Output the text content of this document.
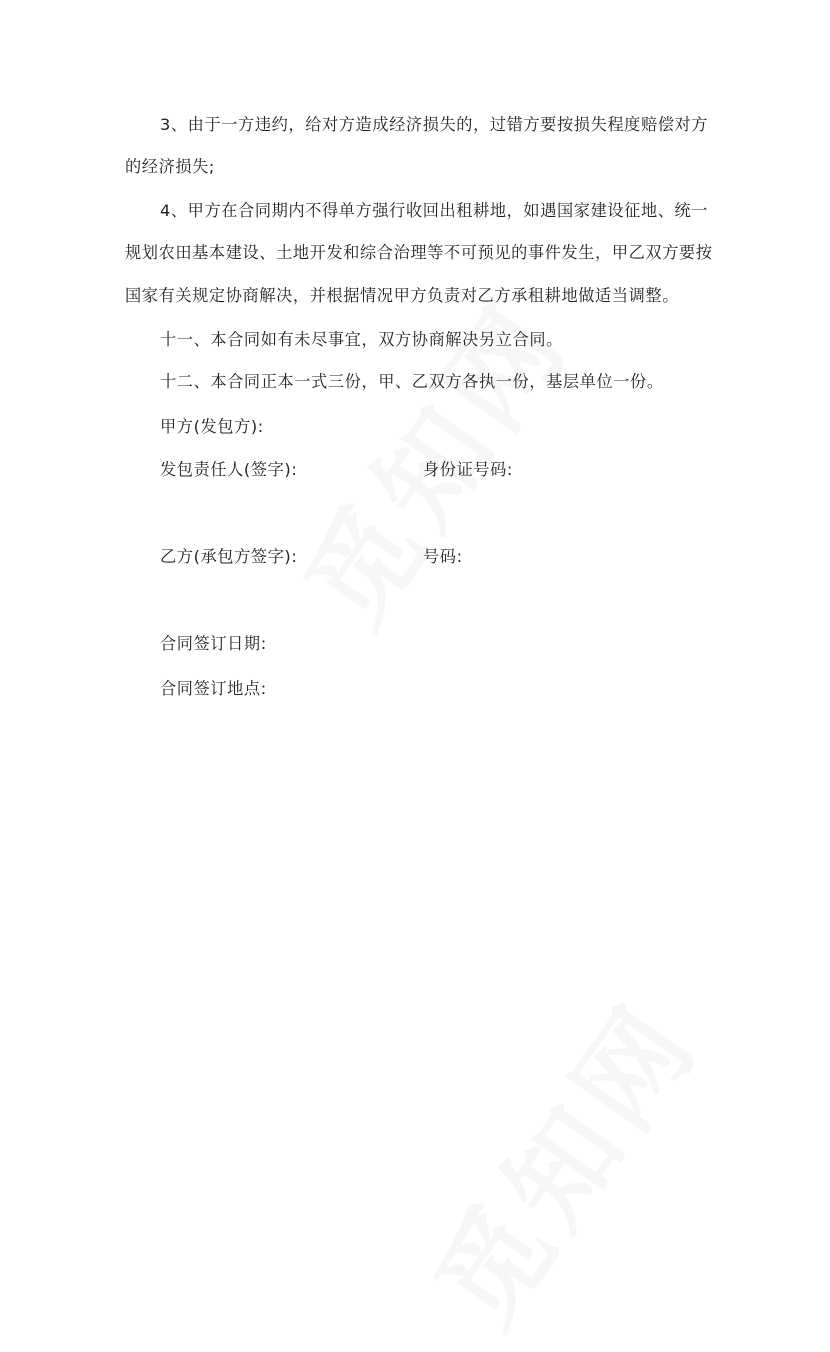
3、由于一方违约，给对方造成经济损失的，过错方要按损失程度赔偿对方
的经济损失;
4、甲方在合同期内不得单方强行收回出租耕地，如遇国家建设征地、统一
规划农田基本建设、土地开发和综合治理等不可预见的事件发生，甲乙双方要按
国家有关规定协商解决，并根据情况甲方负责对乙方承租耕地做适当调整。
十一、本合同如有未尽事宜，双方协商解决另立合同。
十二、本合同正本一式三份，甲、乙双方各执一份，基层单位一份。
甲方(发包方):
发包责任人(签字):	身份证号码:
乙方(承包方签字):	号码:
合同签订日期:
合同签订地点:
